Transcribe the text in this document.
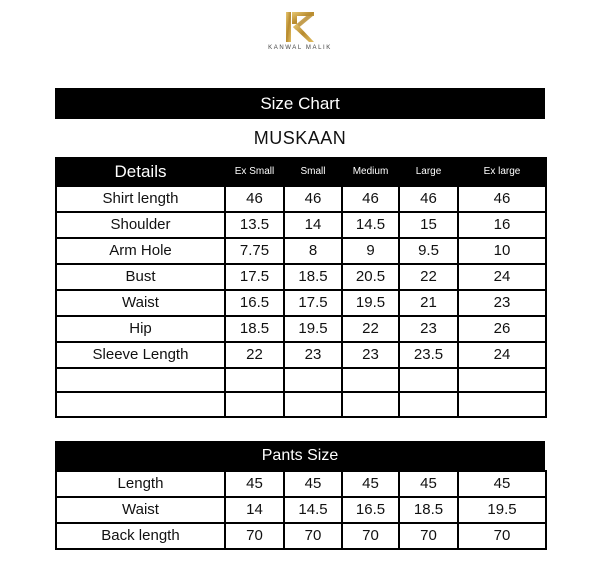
KANWAL MALIK
Size Chart
MUSKAAN
Details	Ex Small	Small	Medium	Large	Ex large
Shirt length	46	46	46	46	46
Shoulder	13.5	14	14.5	15	16
Arm Hole	7.75	8	9	9.5	10
Bust	17.5	18.5	20.5	22	24
Waist	16.5	17.5	19.5	21	23
Hip	18.5	19.5	22	23	26
Sleeve Length	22	23	23	23.5	24

Pants Size
Length	45	45	45	45	45
Waist	14	14.5	16.5	18.5	19.5
Back length	70	70	70	70	70
